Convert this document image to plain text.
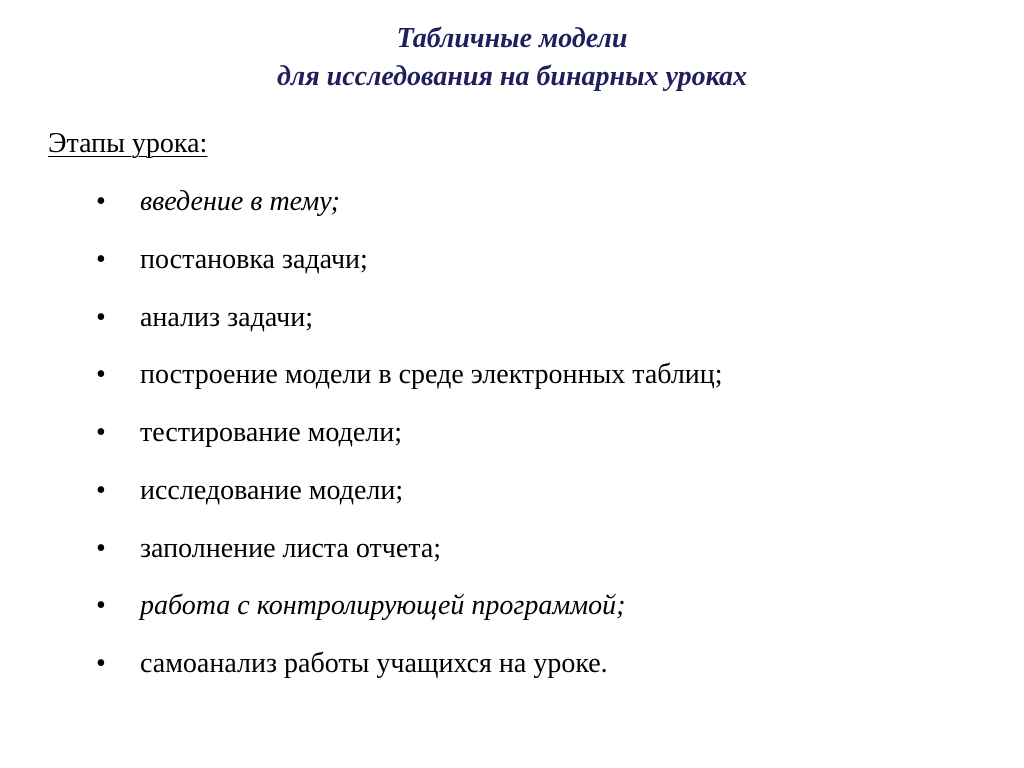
Табличные модели
для исследования на бинарных уроках
Этапы урока:
•	введение в тему;
•	постановка задачи;
•	анализ задачи;
•	построение модели в среде электронных таблиц;
•	тестирование модели;
•	исследование модели;
•	заполнение листа отчета;
•	работа с контролирующей программой;
•	самоанализ работы учащихся на уроке.
